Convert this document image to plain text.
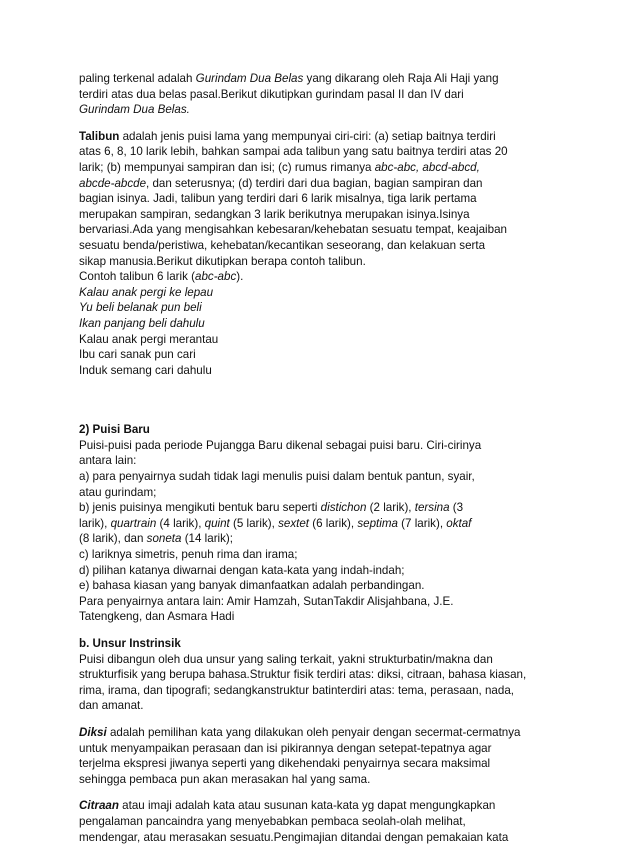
paling terkenal adalah Gurindam Dua Belas yang dikarang oleh Raja Ali Haji yang
terdiri atas dua belas pasal.Berikut dikutipkan gurindam pasal II dan IV dari
Gurindam Dua Belas.
Talibun adalah jenis puisi lama yang mempunyai ciri-ciri: (a) setiap baitnya terdiri
atas 6, 8, 10 larik lebih, bahkan sampai ada talibun yang satu baitnya terdiri atas 20
larik; (b) mempunyai sampiran dan isi; (c) rumus rimanya abc-abc, abcd-abcd,
abcde-abcde, dan seterusnya; (d) terdiri dari dua bagian, bagian sampiran dan
bagian isinya. Jadi, talibun yang terdiri dari 6 larik misalnya, tiga larik pertama
merupakan sampiran, sedangkan 3 larik berikutnya merupakan isinya.Isinya
bervariasi.Ada yang mengisahkan kebesaran/kehebatan sesuatu tempat, keajaiban
sesuatu benda/peristiwa, kehebatan/kecantikan seseorang, dan kelakuan serta
sikap manusia.Berikut dikutipkan berapa contoh talibun.
Contoh talibun 6 larik (abc-abc).
Kalau anak pergi ke lepau
Yu beli belanak pun beli
Ikan panjang beli dahulu
Kalau anak pergi merantau
Ibu cari sanak pun cari
Induk semang cari dahulu
2) Puisi Baru
Puisi-puisi pada periode Pujangga Baru dikenal sebagai puisi baru. Ciri-cirinya
antara lain:
a) para penyairnya sudah tidak lagi menulis puisi dalam bentuk pantun, syair,
atau gurindam;
b) jenis puisinya mengikuti bentuk baru seperti distichon (2 larik), tersina (3
larik), quartrain (4 larik), quint (5 larik), sextet (6 larik), septima (7 larik), oktaf
(8 larik), dan soneta (14 larik);
c) lariknya simetris, penuh rima dan irama;
d) pilihan katanya diwarnai dengan kata-kata yang indah-indah;
e) bahasa kiasan yang banyak dimanfaatkan adalah perbandingan.
Para penyairnya antara lain: Amir Hamzah, SutanTakdir Alisjahbana, J.E.
Tatengkeng, dan Asmara Hadi
b. Unsur Instrinsik
Puisi dibangun oleh dua unsur yang saling terkait, yakni strukturbatin/makna dan
strukturfisik yang berupa bahasa.Struktur fisik terdiri atas: diksi, citraan, bahasa kiasan,
rima, irama, dan tipografi; sedangkanstruktur batinterdiri atas: tema, perasaan, nada,
dan amanat.
Diksi adalah pemilihan kata yang dilakukan oleh penyair dengan secermat-cermatnya
untuk menyampaikan perasaan dan isi pikirannya dengan setepat-tepatnya agar
terjelma ekspresi jiwanya seperti yang dikehendaki penyairnya secara maksimal
sehingga pembaca pun akan merasakan hal yang sama.
Citraan atau imaji adalah kata atau susunan kata-kata yg dapat mengungkapkan
pengalaman pancaindra yang menyebabkan pembaca seolah-olah melihat,
mendengar, atau merasakan sesuatu.Pengimajian ditandai dengan pemakaian kata
